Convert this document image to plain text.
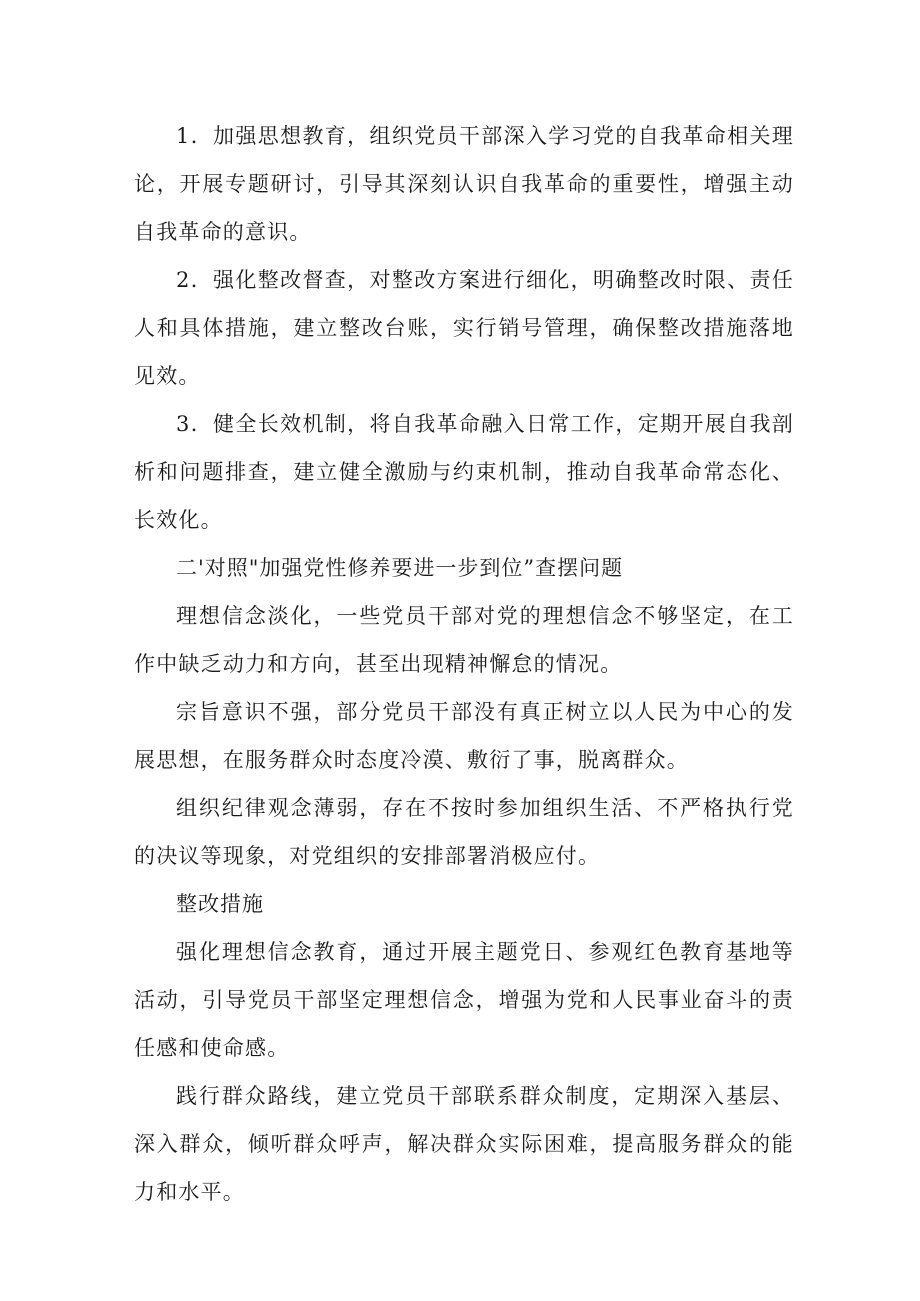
1．加强思想教育，组织党员干部深入学习党的自我革命相关理论，开展专题研讨，引导其深刻认识自我革命的重要性，增强主动自我革命的意识。

2．强化整改督查，对整改方案进行细化，明确整改时限、责任人和具体措施，建立整改台账，实行销号管理，确保整改措施落地见效。

3．健全长效机制，将自我革命融入日常工作，定期开展自我剖析和问题排查，建立健全激励与约束机制，推动自我革命常态化、长效化。

二'对照"加强党性修养要进一步到位”查摆问题

理想信念淡化，一些党员干部对党的理想信念不够坚定，在工作中缺乏动力和方向，甚至出现精神懈怠的情况。

宗旨意识不强，部分党员干部没有真正树立以人民为中心的发展思想，在服务群众时态度冷漠、敷衍了事，脱离群众。

组织纪律观念薄弱，存在不按时参加组织生活、不严格执行党的决议等现象，对党组织的安排部署消极应付。

整改措施

强化理想信念教育，通过开展主题党日、参观红色教育基地等活动，引导党员干部坚定理想信念，增强为党和人民事业奋斗的责任感和使命感。

践行群众路线，建立党员干部联系群众制度，定期深入基层、深入群众，倾听群众呼声，解决群众实际困难，提高服务群众的能力和水平。
